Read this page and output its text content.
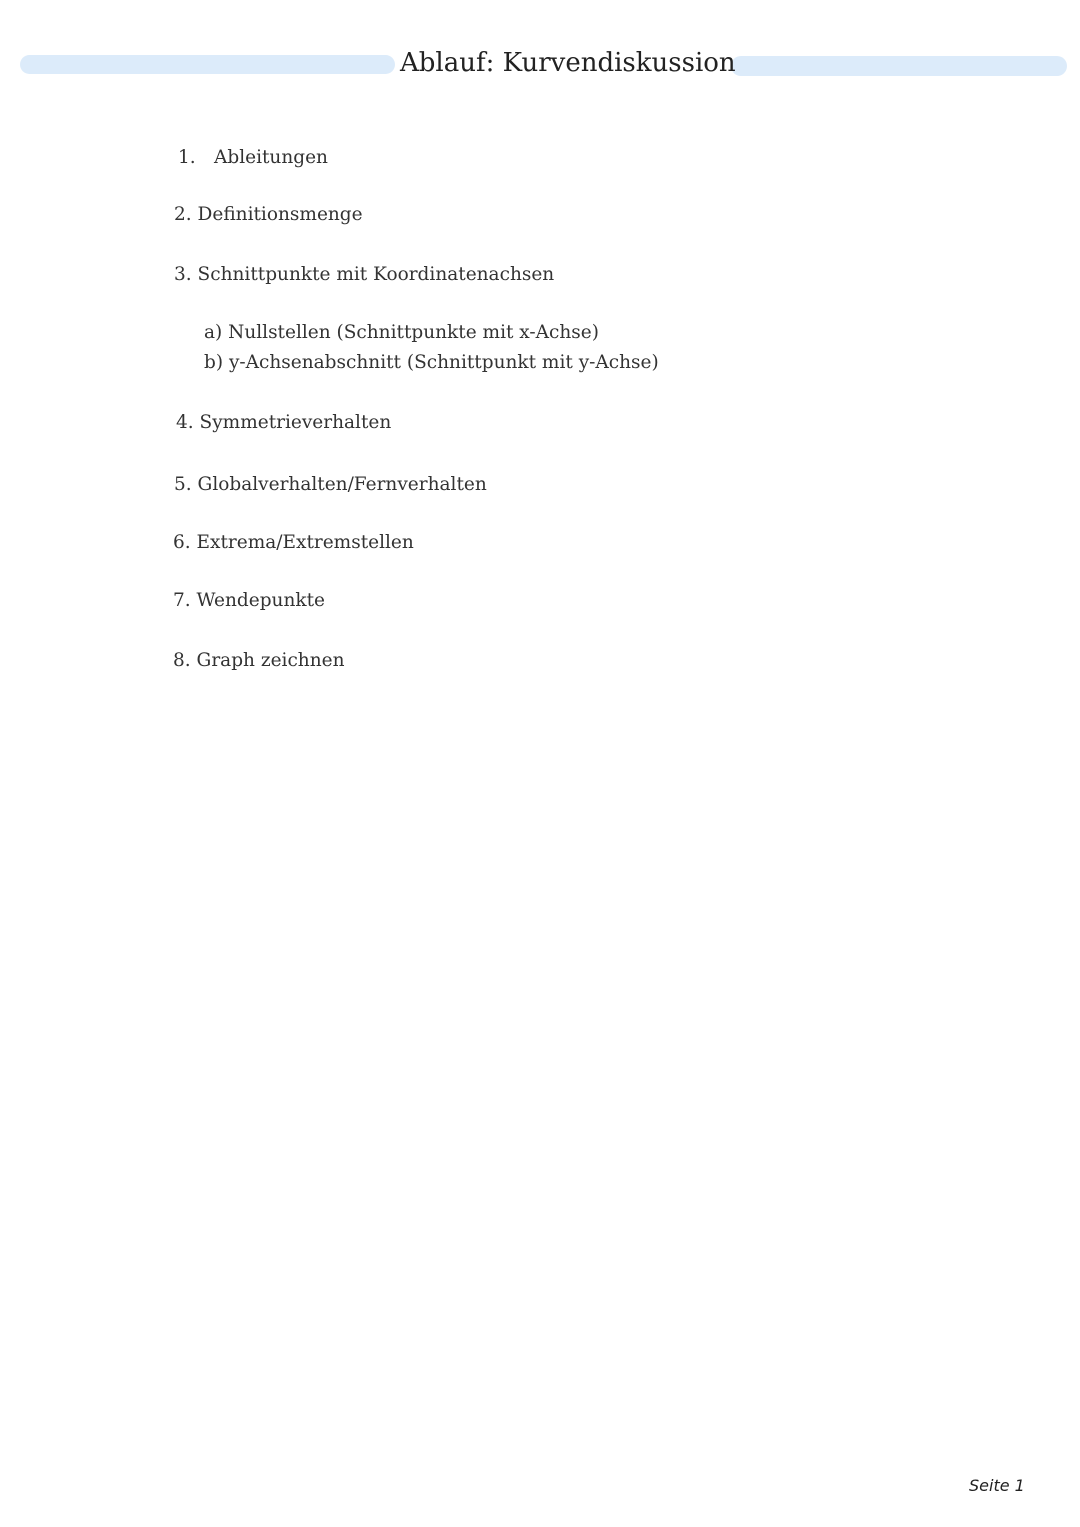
Ablauf: Kurvendiskussion
1. Ableitungen
2. Definitionsmenge
3. Schnittpunkte mit Koordinatenachsen
a) Nullstellen (Schnittpunkte mit x-Achse)
b) y-Achsenabschnitt (Schnittpunkt mit y-Achse)
4. Symmetrieverhalten
5. Globalverhalten/Fernverhalten
6. Extrema/Extremstellen
7. Wendepunkte
8. Graph zeichnen
Seite 1
